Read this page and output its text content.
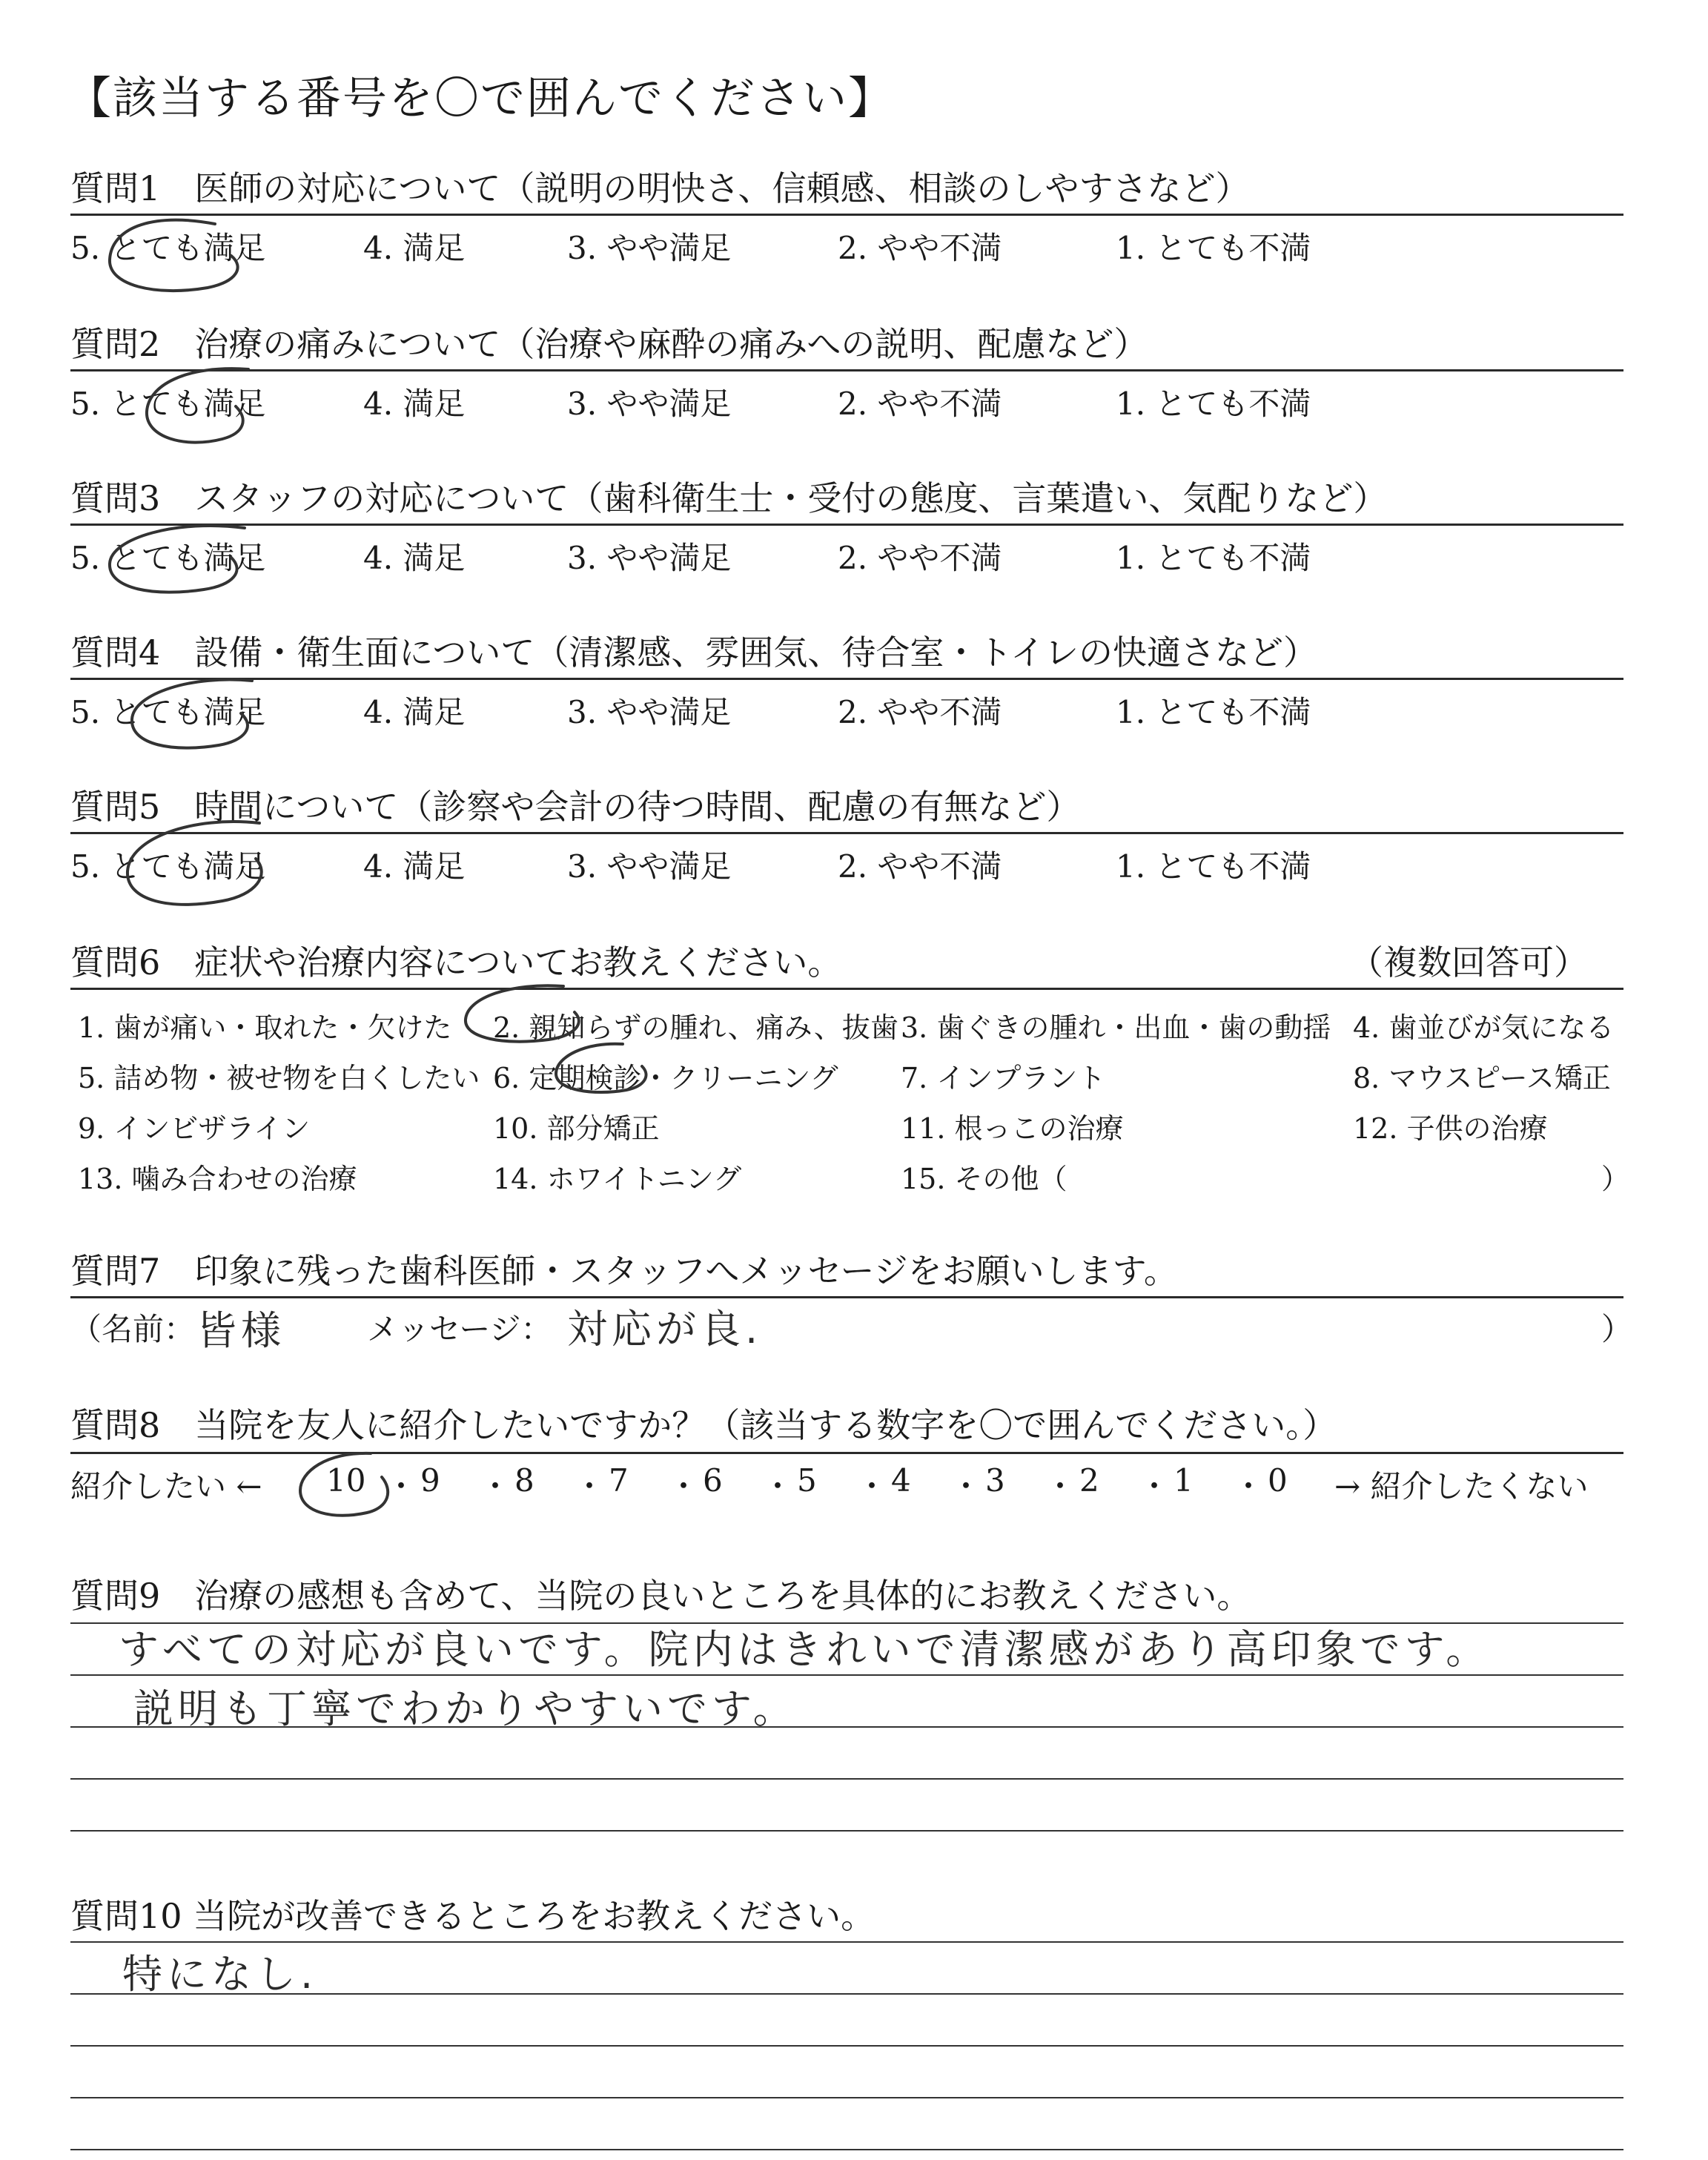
【該当する番号を〇で囲んでください】
質問1　医師の対応について（説明の明快さ、信頼感、相談のしやすさなど）
5. とても満足	4. 満足	3. やや満足	2. やや不満	1. とても不満
質問2　治療の痛みについて（治療や麻酔の痛みへの説明、配慮など）
5. とても満足	4. 満足	3. やや満足	2. やや不満	1. とても不満
質問3　スタッフの対応について（歯科衛生士・受付の態度、言葉遣い、気配りなど）
5. とても満足	4. 満足	3. やや満足	2. やや不満	1. とても不満
質問4　設備・衛生面について（清潔感、雰囲気、待合室・トイレの快適さなど）
5. とても満足	4. 満足	3. やや満足	2. やや不満	1. とても不満
質問5　時間について（診察や会計の待つ時間、配慮の有無など）
5. とても満足	4. 満足	3. やや満足	2. やや不満	1. とても不満
質問6　症状や治療内容についてお教えください。	（複数回答可）
1. 歯が痛い・取れた・欠けた 2. 親知らずの腫れ、痛み、抜歯 3. 歯ぐきの腫れ・出血・歯の動揺 4. 歯並びが気になる
5. 詰め物・被せ物を白くしたい 6. 定期検診・クリーニング 7. インプラント	8. マウスピース矯正
9. インビザライン	10. 部分矯正	11. 根っこの治療	12. 子供の治療
13. 噛み合わせの治療	14. ホワイトニング	15. その他（	）
質問7　印象に残った歯科医師・スタッフへメッセージをお願いします。
（名前： 皆様	メッセージ： 対応が良.	）
質問8　当院を友人に紹介したいですか？（該当する数字を〇で囲んでください。）
紹介したい ← 10 ・ 9 ・ 8 ・ 7 ・ 6 ・ 5 ・ 4 ・ 3 ・ 2 ・ 1 ・ 0 → 紹介したくない
質問9　治療の感想も含めて、当院の良いところを具体的にお教えください。
すべての対応が良いです。院内はきれいで清潔感があり高印象です。
説明も丁寧でわかりやすいです。
質問10 当院が改善できるところをお教えください。
特になし.
